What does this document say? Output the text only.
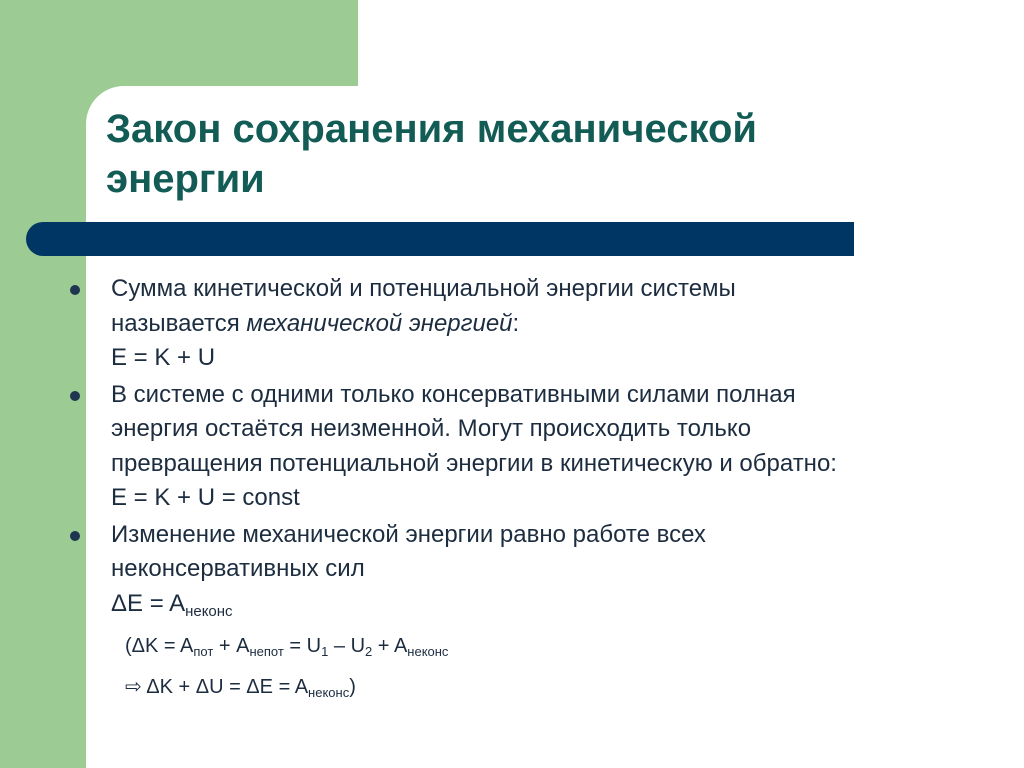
Закон сохранения механической
энергии
Сумма кинетической и потенциальной энергии системы
называется механической энергией:
E = K + U
В системе с одними только консервативными силами полная
энергия остаётся неизменной. Могут происходить только
превращения потенциальной энергии в кинетическую и обратно:
E = K + U = const
Изменение механической энергии равно работе всех
неконсервативных сил
$\Delta E = A_{неконс}$
($\Delta K = A_{пот} + A_{непот} = U_1 - U_2 + A_{неконс}$
⇨ $\Delta K + \Delta U = \Delta E = A_{неконс}$)
